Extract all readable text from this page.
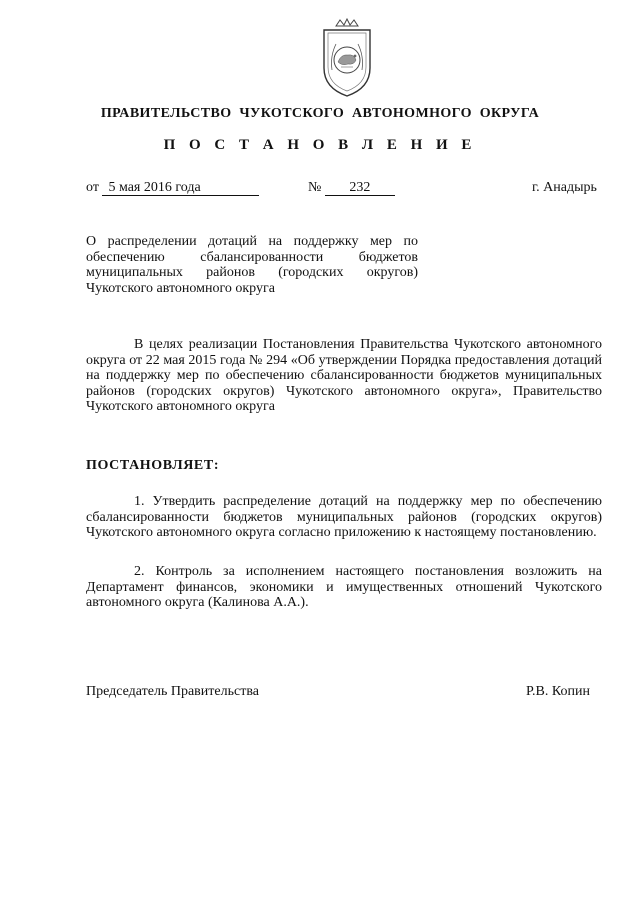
ПРАВИТЕЛЬСТВО  ЧУКОТСКОГО  АВТОНОМНОГО  ОКРУГА
П О С Т А Н О В Л Е Н И Е
от 5 мая 2016 года	№ 232	г. Анадырь
О распределении дотаций на поддержку мер по обеспечению сбалансированности бюджетов муниципальных районов (городских округов) Чукотского автономного округа
В целях реализации Постановления Правительства Чукотского автономного округа от 22 мая 2015 года № 294 «Об утверждении Порядка предоставления дотаций на поддержку мер по обеспечению сбалансированности бюджетов муниципальных районов (городских округов) Чукотского автономного округа», Правительство Чукотского автономного округа
ПОСТАНОВЛЯЕТ:
1. Утвердить распределение дотаций на поддержку мер по обеспечению сбалансированности бюджетов муниципальных районов (городских округов) Чукотского автономного округа согласно приложению к настоящему постановлению.
2. Контроль за исполнением настоящего постановления возложить на Департамент финансов, экономики и имущественных отношений Чукотского автономного округа (Калинова А.А.).
Председатель Правительства	Р.В. Копин
